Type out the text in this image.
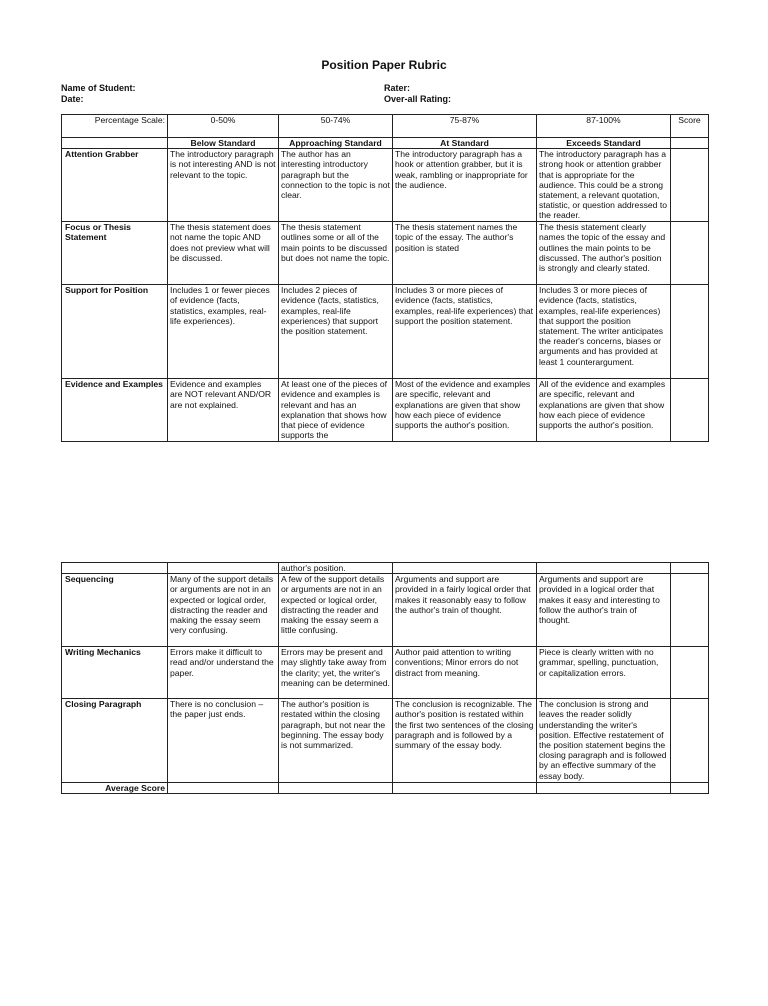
Position Paper Rubric
Name of Student:
Date:
Rater:
Over-all Rating:
Percentage Scale:	0-50%	50-74%	75-87%	87-100%	Score

	Below Standard	Approaching Standard	At Standard	Exceeds Standard	

Attention Grabber	The introductory paragraph is not interesting AND is not relevant to the topic.	The author has an interesting introductory paragraph but the connection to the topic is not clear.	The introductory paragraph has a hook or attention grabber, but it is weak, rambling or inappropriate for the audience.	The introductory paragraph has a strong hook or attention grabber that is appropriate for the audience. This could be a strong statement, a relevant quotation, statistic, or question addressed to the reader.	
Focus or Thesis Statement	The thesis statement does not name the topic AND does not preview what will be discussed.	The thesis statement outlines some or all of the main points to be discussed but does not name the topic.	The thesis statement names the topic of the essay. The author's position is stated	The thesis statement clearly names the topic of the essay and outlines the main points to be discussed. The author's position is strongly and clearly stated.	
Support for Position	Includes 1 or fewer pieces of evidence (facts, statistics, examples, real-life experiences).	Includes 2 pieces of evidence (facts, statistics, examples, real-life experiences) that support the position statement.	Includes 3 or more pieces of evidence (facts, statistics, examples, real-life experiences) that support the position statement.	Includes 3 or more pieces of evidence (facts, statistics, examples, real-life experiences) that support the position statement. The writer anticipates the reader's concerns, biases or arguments and has provided at least 1 counterargument.	
Evidence and Examples	Evidence and examples are NOT relevant AND/OR are not explained.	At least one of the pieces of evidence and examples is relevant and has an explanation that shows how that piece of evidence supports the	Most of the evidence and examples are specific, relevant and explanations are given that show how each piece of evidence supports the author's position.	All of the evidence and examples are specific, relevant and explanations are given that show how each piece of evidence supports the author's position.	
		author's position.			
Sequencing	Many of the support details or arguments are not in an expected or logical order, distracting the reader and making the essay seem very confusing.	A few of the support details or arguments are not in an expected or logical order, distracting the reader and making the essay seem a little confusing.	Arguments and support are provided in a fairly logical order that makes it reasonably easy to follow the author's train of thought.	Arguments and support are provided in a logical order that makes it easy and interesting to follow the author's train of thought.	
Writing Mechanics	Errors make it difficult to read and/or understand the paper.	Errors may be present and may slightly take away from the clarity; yet, the writer's meaning can be determined.	Author paid attention to writing conventions; Minor errors do not distract from meaning.	Piece is clearly written with no grammar, spelling, punctuation, or capitalization errors.	
Closing Paragraph	There is no conclusion – the paper just ends.	The author's position is restated within the closing paragraph, but not near the beginning. The essay body is not summarized.	The conclusion is recognizable. The author's position is restated within the first two sentences of the closing paragraph and is followed by a summary of the essay body.	The conclusion is strong and leaves the reader solidly understanding the writer's position. Effective restatement of the position statement begins the closing paragraph and is followed by an effective summary of the essay body.	
Average Score					
